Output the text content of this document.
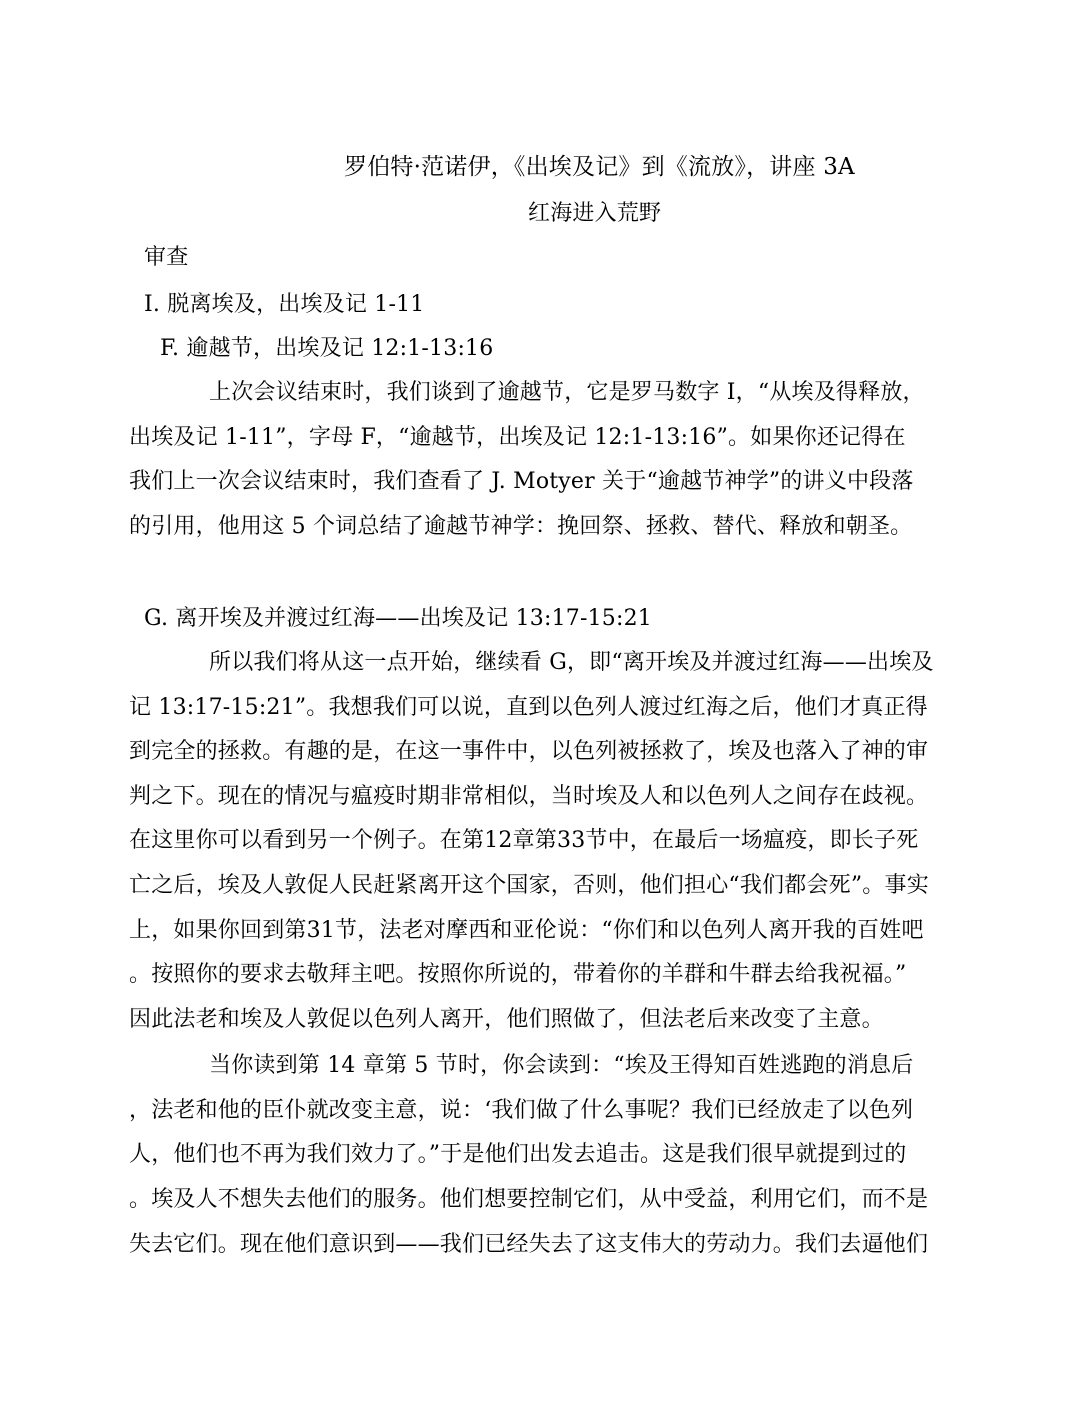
罗伯特·范诺伊，《出埃及记》到《流放》，讲座 3A
红海进入荒野
审查
I. 脱离埃及，出埃及记 1-11
F. 逾越节，出埃及记 12:1-13:16
上次会议结束时，我们谈到了逾越节，它是罗马数字 I，“从埃及得释放，
出埃及记 1-11”，字母 F，“逾越节，出埃及记 12:1-13:16”。如果你还记得在
我们上一次会议结束时，我们查看了 J. Motyer 关于“逾越节神学”的讲义中段落
的引用，他用这 5 个词总结了逾越节神学：挽回祭、拯救、替代、释放和朝圣。
G. 离开埃及并渡过红海——出埃及记 13:17-15:21
所以我们将从这一点开始，继续看 G，即“离开埃及并渡过红海——出埃及
记 13:17-15:21”。我想我们可以说，直到以色列人渡过红海之后，他们才真正得
到完全的拯救。有趣的是，在这一事件中，以色列被拯救了，埃及也落入了神的审
判之下。现在的情况与瘟疫时期非常相似，当时埃及人和以色列人之间存在歧视。
在这里你可以看到另一个例子。在第12章第33节中，在最后一场瘟疫，即长子死
亡之后，埃及人敦促人民赶紧离开这个国家，否则，他们担心“我们都会死”。事实
上，如果你回到第31节，法老对摩西和亚伦说：“你们和以色列人离开我的百姓吧
。按照你的要求去敬拜主吧。按照你所说的，带着你的羊群和牛群去给我祝福。”
因此法老和埃及人敦促以色列人离开，他们照做了，但法老后来改变了主意。
当你读到第 14 章第 5 节时，你会读到：“埃及王得知百姓逃跑的消息后
，法老和他的臣仆就改变主意，说：‘我们做了什么事呢？我们已经放走了以色列
人，他们也不再为我们效力了。”于是他们出发去追击。这是我们很早就提到过的
。埃及人不想失去他们的服务。他们想要控制它们，从中受益，利用它们，而不是
失去它们。现在他们意识到——我们已经失去了这支伟大的劳动力。我们去逼他们
